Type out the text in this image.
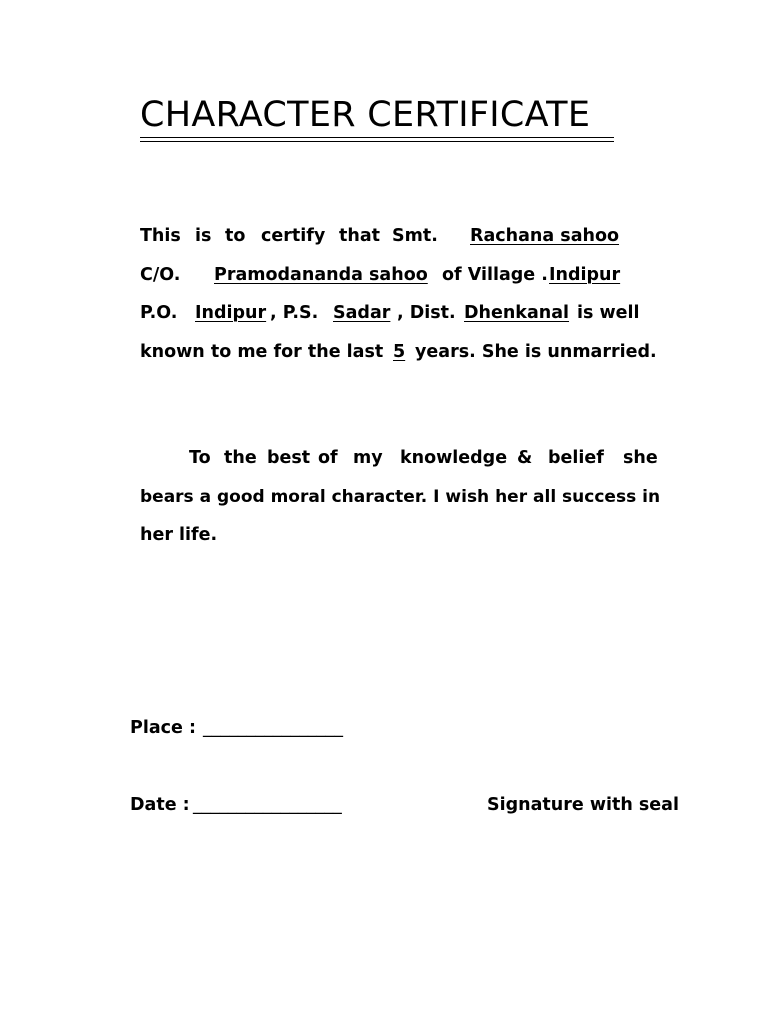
CHARACTER CERTIFICATE
This is to certify that Smt. Rachana sahoo
C/O. Pramodananda sahoo of Village . Indipur
P.O. Indipur , P.S. Sadar , Dist. Dhenkanal is well
known to me for the last 5 years. She is unmarried.
To the best of my knowledge & belief she
bears a good moral character. I wish her all success in
her life.
Place : ________________
Date : _________________	Signature with seal
